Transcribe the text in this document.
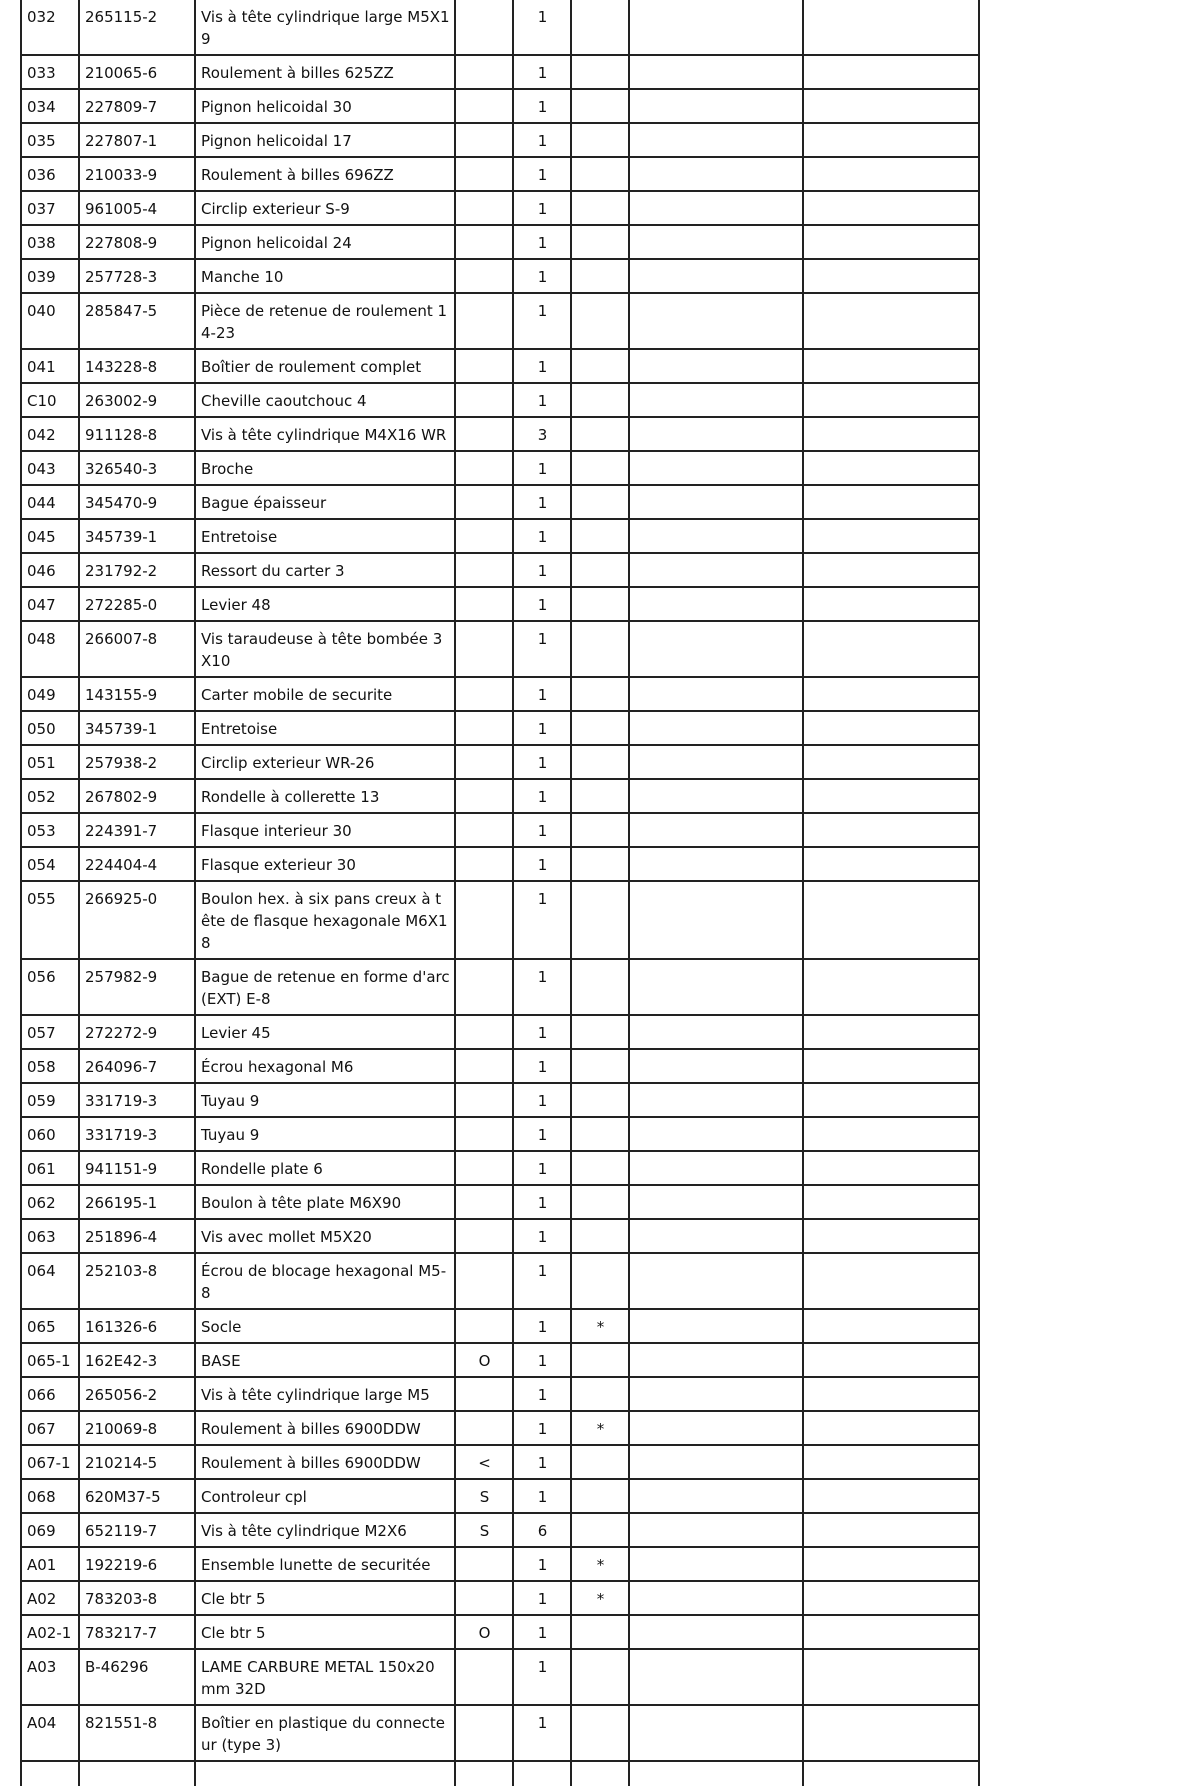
032	265115-2	Vis à tête cylindrique large M5X19		1			
033	210065-6	Roulement à billes 625ZZ		1			
034	227809-7	Pignon helicoidal 30		1			
035	227807-1	Pignon helicoidal 17		1			
036	210033-9	Roulement à billes 696ZZ		1			
037	961005-4	Circlip exterieur S-9		1			
038	227808-9	Pignon helicoidal 24		1			
039	257728-3	Manche 10		1			
040	285847-5	Pièce de retenue de roulement 14-23		1			
041	143228-8	Boîtier de roulement complet		1			
C10	263002-9	Cheville caoutchouc 4		1			
042	911128-8	Vis à tête cylindrique M4X16 WR		3			
043	326540-3	Broche		1			
044	345470-9	Bague épaisseur		1			
045	345739-1	Entretoise		1			
046	231792-2	Ressort du carter 3		1			
047	272285-0	Levier 48		1			
048	266007-8	Vis taraudeuse à tête bombée 3X10		1			
049	143155-9	Carter mobile de securite		1			
050	345739-1	Entretoise		1			
051	257938-2	Circlip exterieur WR-26		1			
052	267802-9	Rondelle à collerette 13		1			
053	224391-7	Flasque interieur 30		1			
054	224404-4	Flasque exterieur 30		1			
055	266925-0	Boulon hex. à six pans creux à tête de flasque hexagonale M6X18		1			
056	257982-9	Bague de retenue en forme d'arc (EXT) E-8		1			
057	272272-9	Levier 45		1			
058	264096-7	Écrou hexagonal M6		1			
059	331719-3	Tuyau 9		1			
060	331719-3	Tuyau 9		1			
061	941151-9	Rondelle plate 6		1			
062	266195-1	Boulon à tête plate M6X90		1			
063	251896-4	Vis avec mollet M5X20		1			
064	252103-8	Écrou de blocage hexagonal M5-8		1			
065	161326-6	Socle		1	*		
065-1	162E42-3	BASE	O	1			
066	265056-2	Vis à tête cylindrique large M5		1			
067	210069-8	Roulement à billes 6900DDW		1	*		
067-1	210214-5	Roulement à billes 6900DDW	<	1			
068	620M37-5	Controleur cpl	S	1			
069	652119-7	Vis à tête cylindrique M2X6	S	6			
A01	192219-6	Ensemble lunette de securitée		1	*		
A02	783203-8	Cle btr 5		1	*		
A02-1	783217-7	Cle btr 5	O	1			
A03	B-46296	LAME CARBURE METAL 150x20 mm 32D		1			
A04	821551-8	Boîtier en plastique du connecteur (type 3)		1			
